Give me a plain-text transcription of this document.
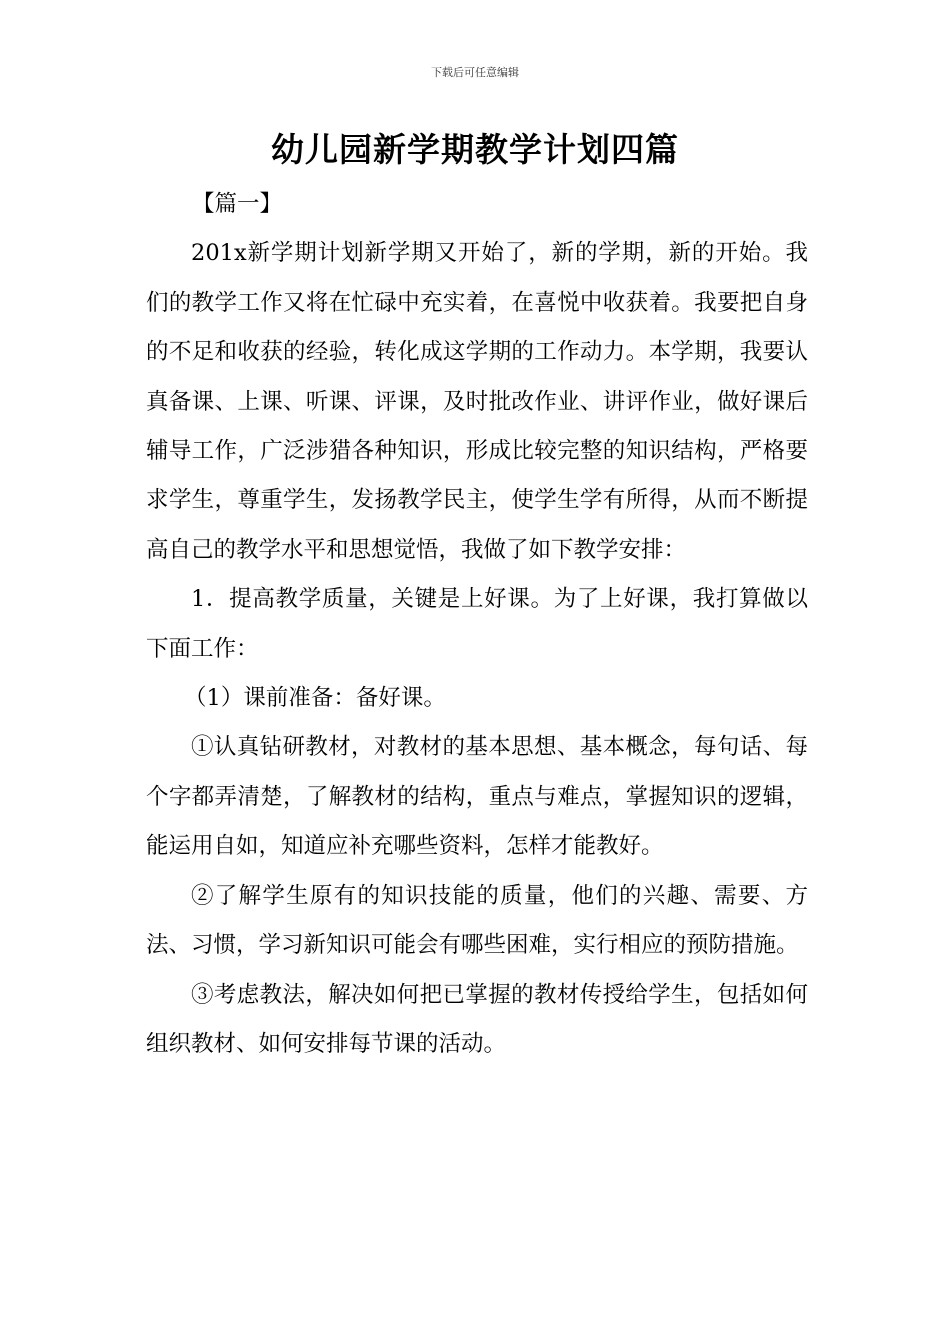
下载后可任意编辑
幼儿园新学期教学计划四篇

【篇一】

201x新学期计划新学期又开始了，新的学期，新的开始。我们的教学工作又将在忙碌中充实着，在喜悦中收获着。我要把自身的不足和收获的经验，转化成这学期的工作动力。本学期，我要认真备课、上课、听课、评课，及时批改作业、讲评作业，做好课后辅导工作，广泛涉猎各种知识，形成比较完整的知识结构，严格要求学生，尊重学生，发扬教学民主，使学生学有所得，从而不断提高自己的教学水平和思想觉悟，我做了如下教学安排：

1．提高教学质量，关键是上好课。为了上好课，我打算做以下面工作：

（1）课前准备：备好课。

①认真钻研教材，对教材的基本思想、基本概念，每句话、每个字都弄清楚，了解教材的结构，重点与难点，掌握知识的逻辑，能运用自如，知道应补充哪些资料，怎样才能教好。

②了解学生原有的知识技能的质量，他们的兴趣、需要、方法、习惯，学习新知识可能会有哪些困难，实行相应的预防措施。

③考虑教法，解决如何把已掌握的教材传授给学生，包括如何组织教材、如何安排每节课的活动。
